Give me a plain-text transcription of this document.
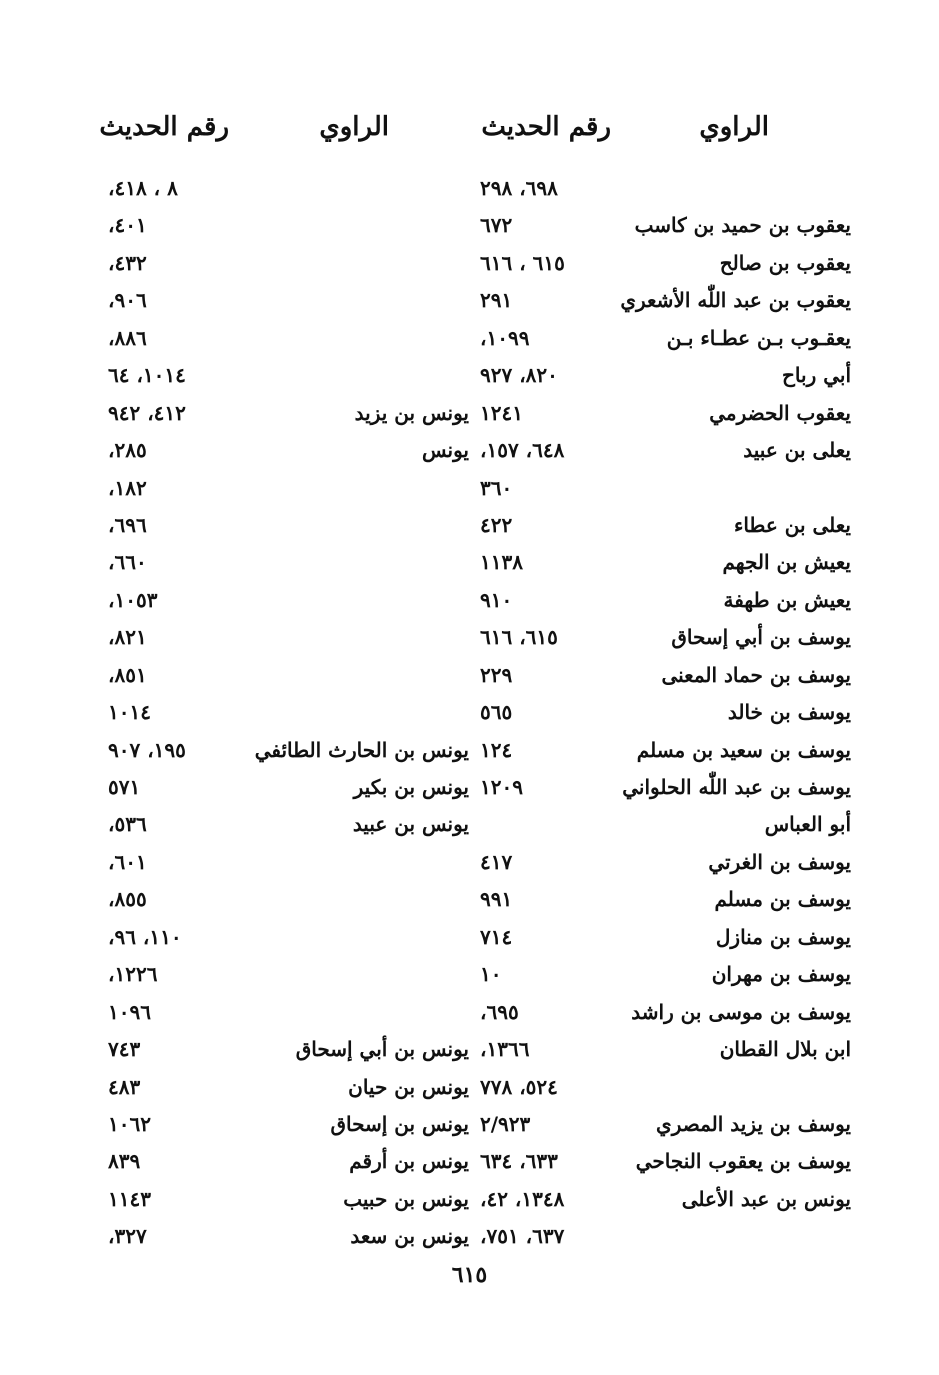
الراوي
رقم الحديث
الراوي
رقم الحديث
٦٩٨، ٢٩٨
٨ ، ٤١٨،
يعقوب بن حميد بن كاسب
٦٧٢
٤٠١،
يعقوب بن صالح
٦١٥ ، ٦١٦
٤٣٢،
يعقوب بن عبد اللّٰه الأشعري
٢٩١
٩٠٦،
يعقـوب بـن عطـاء بـن
١٠٩٩،
٨٨٦،
أبي رباح
٨٢٠، ٩٢٧
١٠١٤، ٦٤
يعقوب الحضرمي
١٢٤١
يونس بن يزيد
٤١٢، ٩٤٢
يعلى بن عبيد
٦٤٨، ١٥٧،
يونس
٢٨٥،
٣٦٠
١٨٢،
يعلى بن عطاء
٤٢٢
٦٩٦،
يعيش بن الجهم
١١٣٨
٦٦٠،
يعيش بن طهفة
٩١٠
١٠٥٣،
يوسف بن أبي إسحاق
٦١٥، ٦١٦
٨٢١،
يوسف بن حماد المعنى
٢٢٩
٨٥١،
يوسف بن خالد
٥٦٥
١٠١٤
يوسف بن سعيد بن مسلم
١٢٤
يونس بن الحارث الطائفي
١٩٥، ٩٠٧
يوسف بن عبد اللّٰه الحلواني
١٢٠٩
يونس بن بكير
٥٧١
أبو العباس
يونس بن عبيد
٥٣٦،
يوسف بن الغرتي
٤١٧
٦٠١،
يوسف بن مسلم
٩٩١
٨٥٥،
يوسف بن منازل
٧١٤
١١٠، ٩٦،
يوسف بن مهران
١٠
١٢٢٦،
يوسف بن موسى بن راشد
٦٩٥،
١٠٩٦
ابن بلال القطان
١٣٦٦،
يونس بن أبي إسحاق
٧٤٣
٥٢٤، ٧٧٨
يونس بن حيان
٤٨٣
يوسف بن يزيد المصري
٢/٩٢٣
يونس بن إسحاق
١٠٦٢
يوسف بن يعقوب النجاحي
٦٣٣، ٦٣٤
يونس بن أرقم
٨٣٩
يونس بن عبد الأعلى
١٣٤٨، ٤٢،
يونس بن حبيب
١١٤٣
٦٣٧، ٧٥١،
يونس بن سعد
٣٢٧،
٦١٥
